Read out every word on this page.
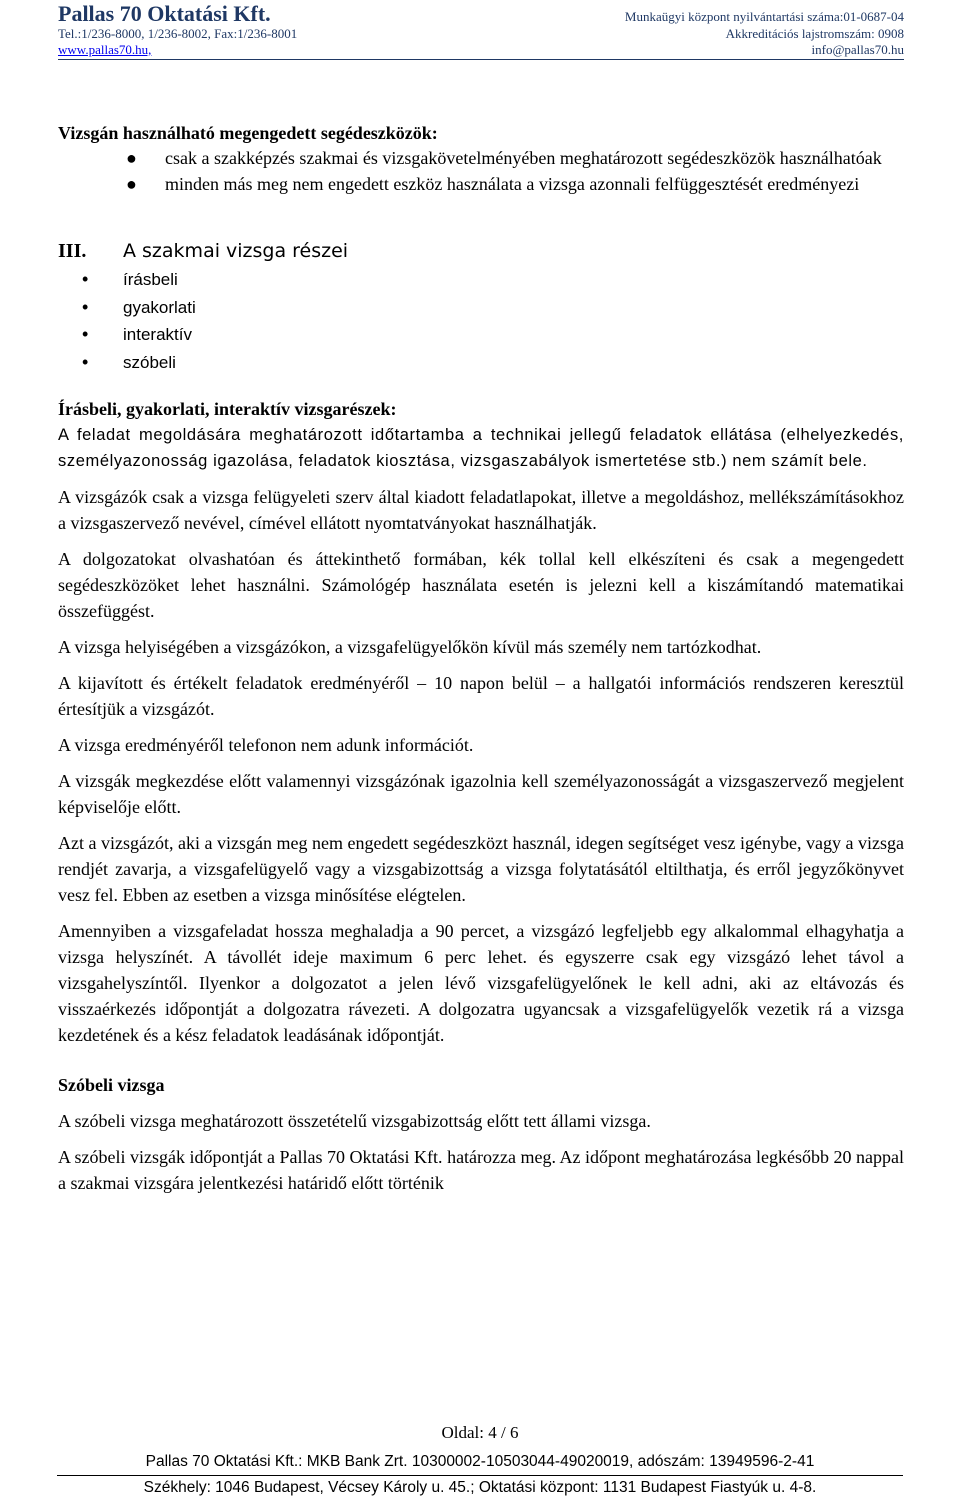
Pallas 70 Oktatási Kft.	Munkaügyi központ nyilvántartási száma:01-0687-04
Tel.:1/236-8000, 1/236-8002, Fax:1/236-8001	Akkreditációs lajstromszám: 0908
www.pallas70.hu,	info@pallas70.hu
Vizsgán használható megengedett segédeszközök:
● csak a szakképzés szakmai és vizsgakövetelményében meghatározott segédeszközök használhatóak
● minden más meg nem engedett eszköz használata a vizsga azonnali felfüggesztését eredményezi
III.	A szakmai vizsga részei
• írásbeli
• gyakorlati
• interaktív
• szóbeli
Írásbeli, gyakorlati, interaktív vizsgarészek:
A feladat megoldására meghatározott időtartamba a technikai jellegű feladatok ellátása (elhelyezkedés, személyazonosság igazolása, feladatok kiosztása, vizsgaszabályok ismertetése stb.) nem számít bele.

A vizsgázók csak a vizsga felügyeleti szerv által kiadott feladatlapokat, illetve a megoldáshoz, mellékszámításokhoz a vizsgaszervező nevével, címével ellátott nyomtatványokat használhatják.

A dolgozatokat olvashatóan és áttekinthető formában, kék tollal kell elkészíteni és csak a megengedett segédeszközöket lehet használni. Számológép használata esetén is jelezni kell a kiszámítandó matematikai összefüggést.

A vizsga helyiségében a vizsgázókon, a vizsgafelügyelőkön kívül más személy nem tartózkodhat.

A kijavított és értékelt feladatok eredményéről – 10 napon belül – a hallgatói információs rendszeren keresztül értesítjük a vizsgázót.

A vizsga eredményéről telefonon nem adunk információt.

A vizsgák megkezdése előtt valamennyi vizsgázónak igazolnia kell személyazonosságát a vizsgaszervező megjelent képviselője előtt.

Azt a vizsgázót, aki a vizsgán meg nem engedett segédeszközt használ, idegen segítséget vesz igénybe, vagy a vizsga rendjét zavarja, a vizsgafelügyelő vagy a vizsgabizottság a vizsga folytatásától eltilthatja, és erről jegyzőkönyvet vesz fel. Ebben az esetben a vizsga minősítése elégtelen.

Amennyiben a vizsgafeladat hossza meghaladja a 90 percet, a vizsgázó legfeljebb egy alkalommal elhagyhatja a vizsga helyszínét. A távollét ideje maximum 6 perc lehet. és egyszerre csak egy vizsgázó lehet távol a vizsgahelyszíntől. Ilyenkor a dolgozatot a jelen lévő vizsgafelügyelőnek le kell adni, aki az eltávozás és visszaérkezés időpontját a dolgozatra rávezeti. A dolgozatra ugyancsak a vizsgafelügyelők vezetik rá a vizsga kezdetének és a kész feladatok leadásának időpontját.

Szóbeli vizsga

A szóbeli vizsga meghatározott összetételű vizsgabizottság előtt tett állami vizsga.

A szóbeli vizsgák időpontját a Pallas 70 Oktatási Kft. határozza meg. Az időpont meghatározása legkésőbb 20 nappal a szakmai vizsgára jelentkezési határidő előtt történik

Oldal: 4 / 6
Pallas 70 Oktatási Kft.: MKB Bank Zrt. 10300002-10503044-49020019, adószám: 13949596-2-41
Székhely: 1046 Budapest, Vécsey Károly u. 45.; Oktatási központ: 1131 Budapest Fiastyúk u. 4-8.
